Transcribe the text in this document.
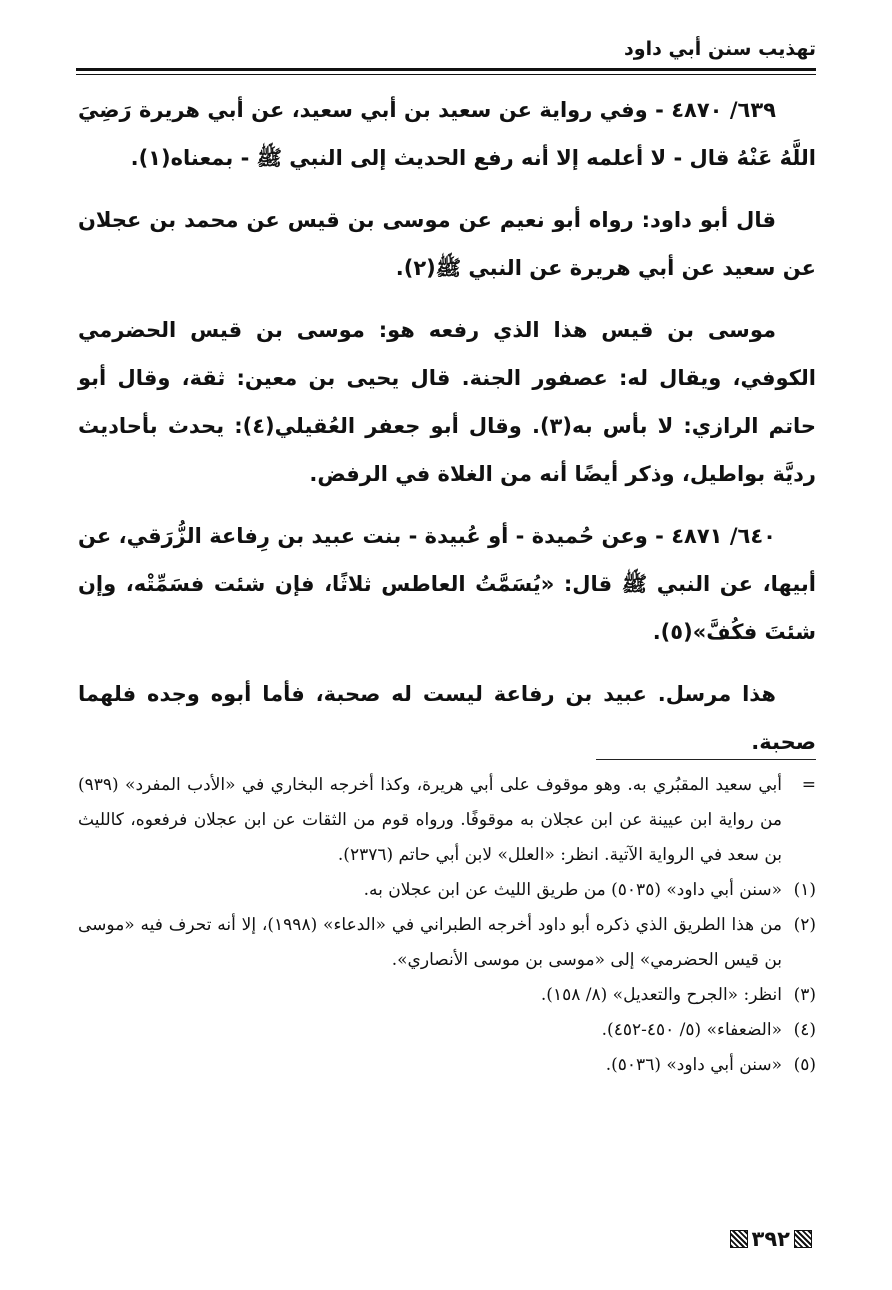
تهذيب سنن أبي داود

٦٣٩/ ٤٨٧٠ - وفي رواية عن سعيد بن أبي سعيد، عن أبي هريرة رَضِيَ اللَّهُ عَنْهُ قال - لا أعلمه إلا أنه رفع الحديث إلى النبي ﷺ - بمعناه(١).

قال أبو داود: رواه أبو نعيم عن موسى بن قيس عن محمد بن عجلان عن سعيد عن أبي هريرة عن النبي ﷺ(٢).

موسى بن قيس هذا الذي رفعه هو: موسى بن قيس الحضرمي الكوفي، ويقال له: عصفور الجنة. قال يحيى بن معين: ثقة، وقال أبو حاتم الرازي: لا بأس به(٣). وقال أبو جعفر العُقيلي(٤): يحدث بأحاديث رديَّة بواطيل، وذكر أيضًا أنه من الغلاة في الرفض.

٦٤٠/ ٤٨٧١ - وعن حُميدة - أو عُبيدة - بنت عبيد بن رِفاعة الزُّرَقي، عن أبيها، عن النبي ﷺ قال: «يُسَمَّتُ العاطس ثلاثًا، فإن شئت فسَمِّتْه، وإن شئتَ فكُفَّ»(٥).

هذا مرسل. عبيد بن رفاعة ليست له صحبة، فأما أبوه وجده فلهما صحبة.

=
أبي سعيد المقبُري به. وهو موقوف على أبي هريرة، وكذا أخرجه البخاري في «الأدب المفرد» (٩٣٩) من رواية ابن عيينة عن ابن عجلان به موقوفًا. ورواه قوم من الثقات عن ابن عجلان فرفعوه، كالليث بن سعد في الرواية الآتية. انظر: «العلل» لابن أبي حاتم (٢٣٧٦).
(١)
«سنن أبي داود» (٥٠٣٥) من طريق الليث عن ابن عجلان به.
(٢)
من هذا الطريق الذي ذكره أبو داود أخرجه الطبراني في «الدعاء» (١٩٩٨)، إلا أنه تحرف فيه «موسى بن قيس الحضرمي» إلى «موسى بن موسى الأنصاري».
(٣)
انظر: «الجرح والتعديل» (٨/ ١٥٨).
(٤)
«الضعفاء» (٥/ ٤٥٠-٤٥٢).
(٥)
«سنن أبي داود» (٥٠٣٦).
٣٩٢
